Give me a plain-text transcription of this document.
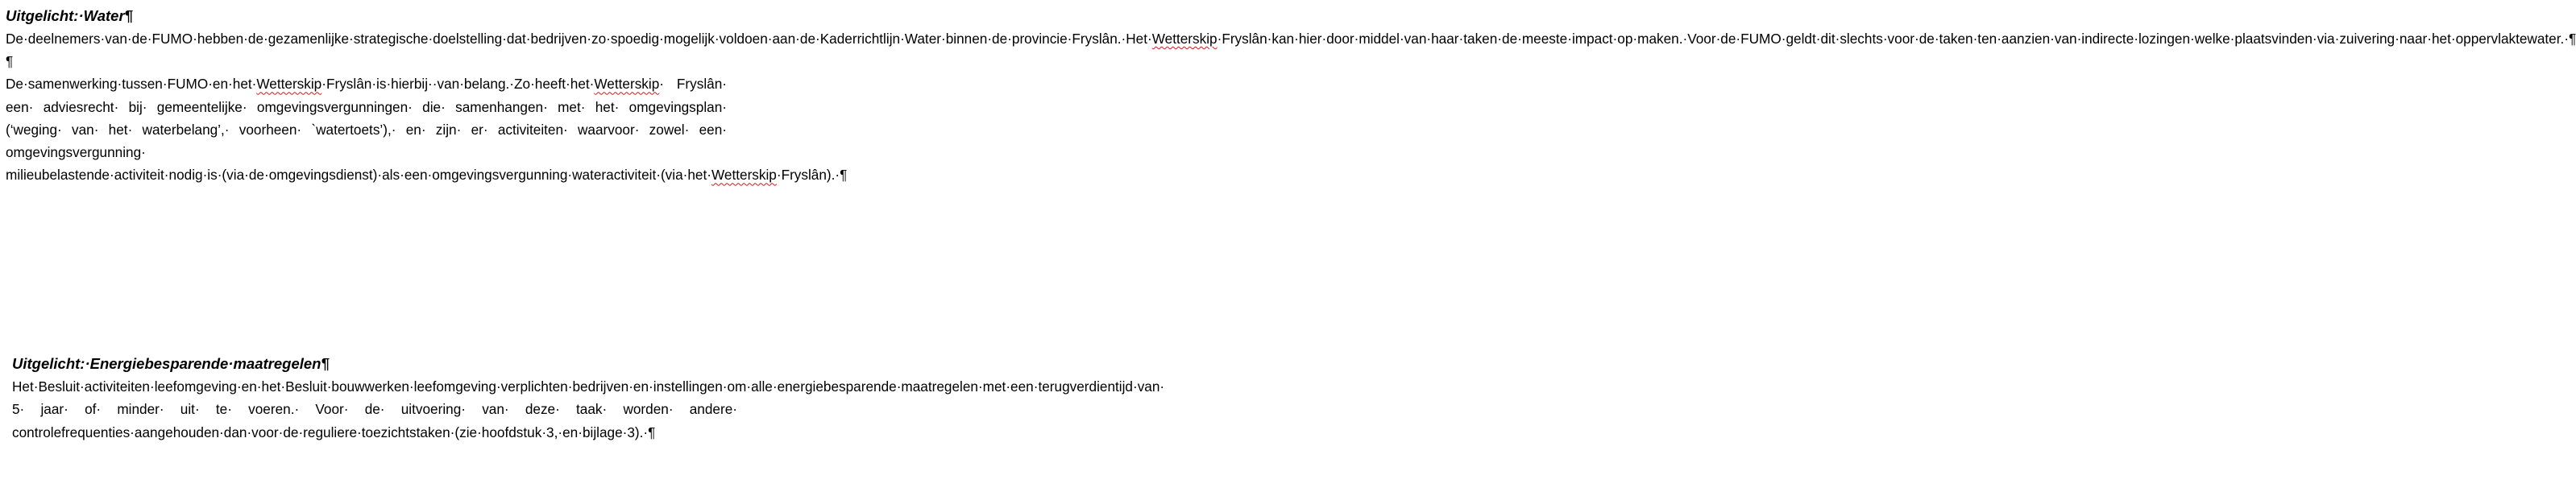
Uitgelicht:·Water¶

De·deelnemers·van·de·FUMO·hebben·de·gezamenlijke·strategische·doelstelling·dat·bedrijven·zo·spoedig·mogelijk·voldoen·aan·de·Kaderrichtlijn·Water·binnen·de·provincie·Fryslân.·Het·Wetterskip·Fryslân·kan·hier·door·middel·van·haar·taken·de·meeste·impact·op·maken.·Voor·de·FUMO·geldt·dit·slechts·voor·de·taken·ten·aanzien·van·indirecte·lozingen·welke·plaatsvinden·via·zuivering·naar·het·oppervlaktewater.·¶

¶

De·samenwerking·tussen·FUMO·en·het·Wetterskip·Fryslân·is·hierbij··van·belang.·Zo·heeft·het·Wetterskip· Fryslân· een· adviesrecht· bij· gemeentelijke· omgevingsvergunningen· die· samenhangen· met· het· omgevingsplan· (‘weging· van· het· waterbelang’,· voorheen· `watertoets’),· en· zijn· er· activiteiten· waarvoor· zowel· een· omgevingsvergunning· milieubelastende·activiteit·nodig·is·(via·de·omgevingsdienst)·als·een·omgevingsvergunning·wateractiviteit·(via·het·Wetterskip·Fryslân).·¶

Uitgelicht:·Energiebesparende·maatregelen¶

Het·Besluit·activiteiten·leefomgeving·en·het·Besluit·bouwwerken·leefomgeving·verplichten·bedrijven·en·instellingen·om·alle·energiebesparende·maatregelen·met·een·terugverdientijd·van· 5· jaar· of· minder· uit· te· voeren.· Voor· de· uitvoering· van· deze· taak· worden· andere· controlefrequenties·aangehouden·dan·voor·de·reguliere·toezichtstaken·(zie·hoofdstuk·3,·en·bijlage·3).·¶
